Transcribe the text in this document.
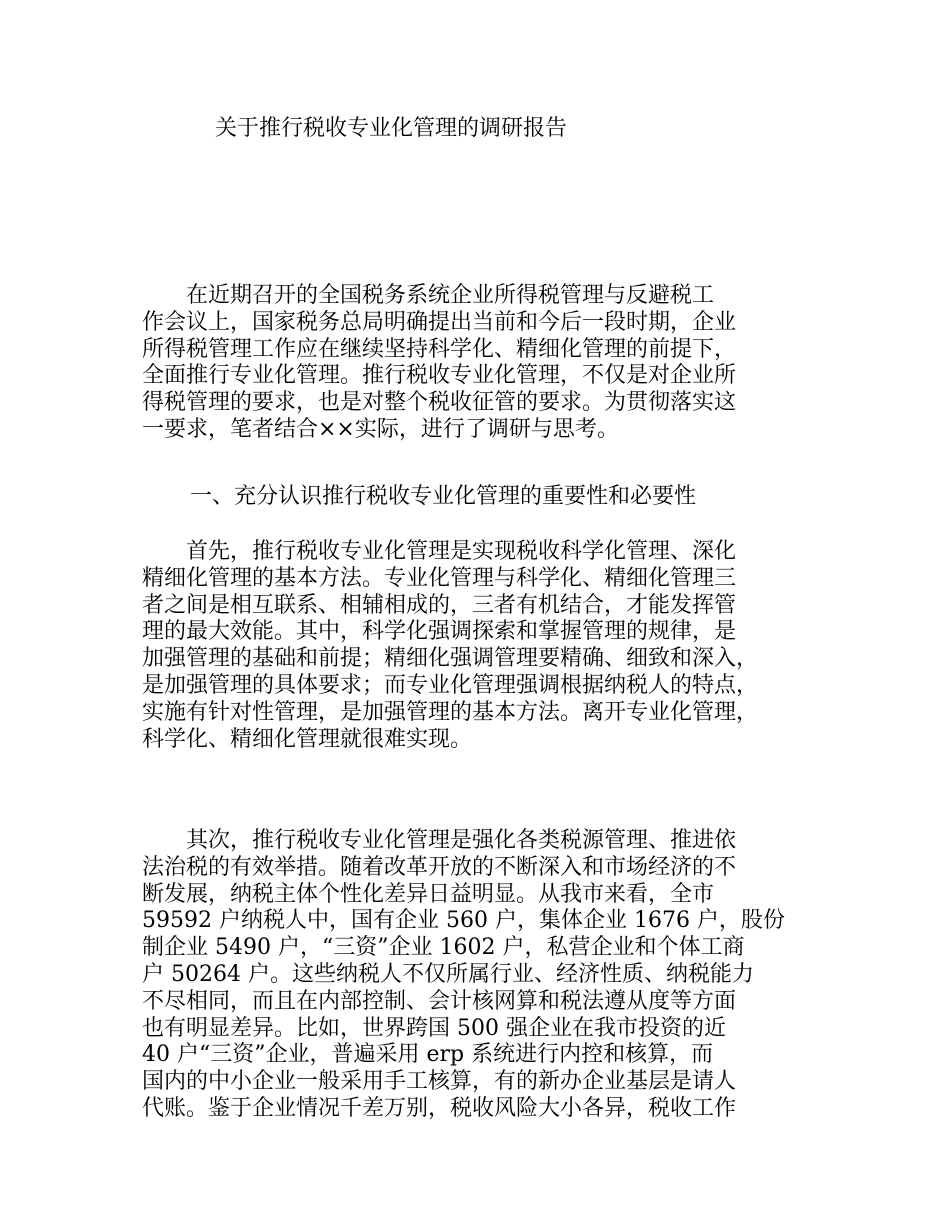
关于推行税收专业化管理的调研报告
　　在近期召开的全国税务系统企业所得税管理与反避税工
作会议上，国家税务总局明确提出当前和今后一段时期，企业
所得税管理工作应在继续坚持科学化、精细化管理的前提下，
全面推行专业化管理。推行税收专业化管理，不仅是对企业所
得税管理的要求，也是对整个税收征管的要求。为贯彻落实这
一要求，笔者结合××实际，进行了调研与思考。
一、充分认识推行税收专业化管理的重要性和必要性
　　首先，推行税收专业化管理是实现税收科学化管理、深化
精细化管理的基本方法。专业化管理与科学化、精细化管理三
者之间是相互联系、相辅相成的，三者有机结合，才能发挥管
理的最大效能。其中，科学化强调探索和掌握管理的规律，是
加强管理的基础和前提；精细化强调管理要精确、细致和深入，
是加强管理的具体要求；而专业化管理强调根据纳税人的特点，
实施有针对性管理，是加强管理的基本方法。离开专业化管理，
科学化、精细化管理就很难实现。
　　其次，推行税收专业化管理是强化各类税源管理、推进依
法治税的有效举措。随着改革开放的不断深入和市场经济的不
断发展，纳税主体个性化差异日益明显。从我市来看，全市
59592 户纳税人中，国有企业 560 户，集体企业 1676 户，股份
制企业 5490 户，“三资”企业 1602 户，私营企业和个体工商
户 50264 户。这些纳税人不仅所属行业、经济性质、纳税能力
不尽相同，而且在内部控制、会计核网算和税法遵从度等方面
也有明显差异。比如，世界跨国 500 强企业在我市投资的近
40 户“三资”企业，普遍采用 erp 系统进行内控和核算，而
国内的中小企业一般采用手工核算，有的新办企业基层是请人
代账。鉴于企业情况千差万别，税收风险大小各异，税收工作
